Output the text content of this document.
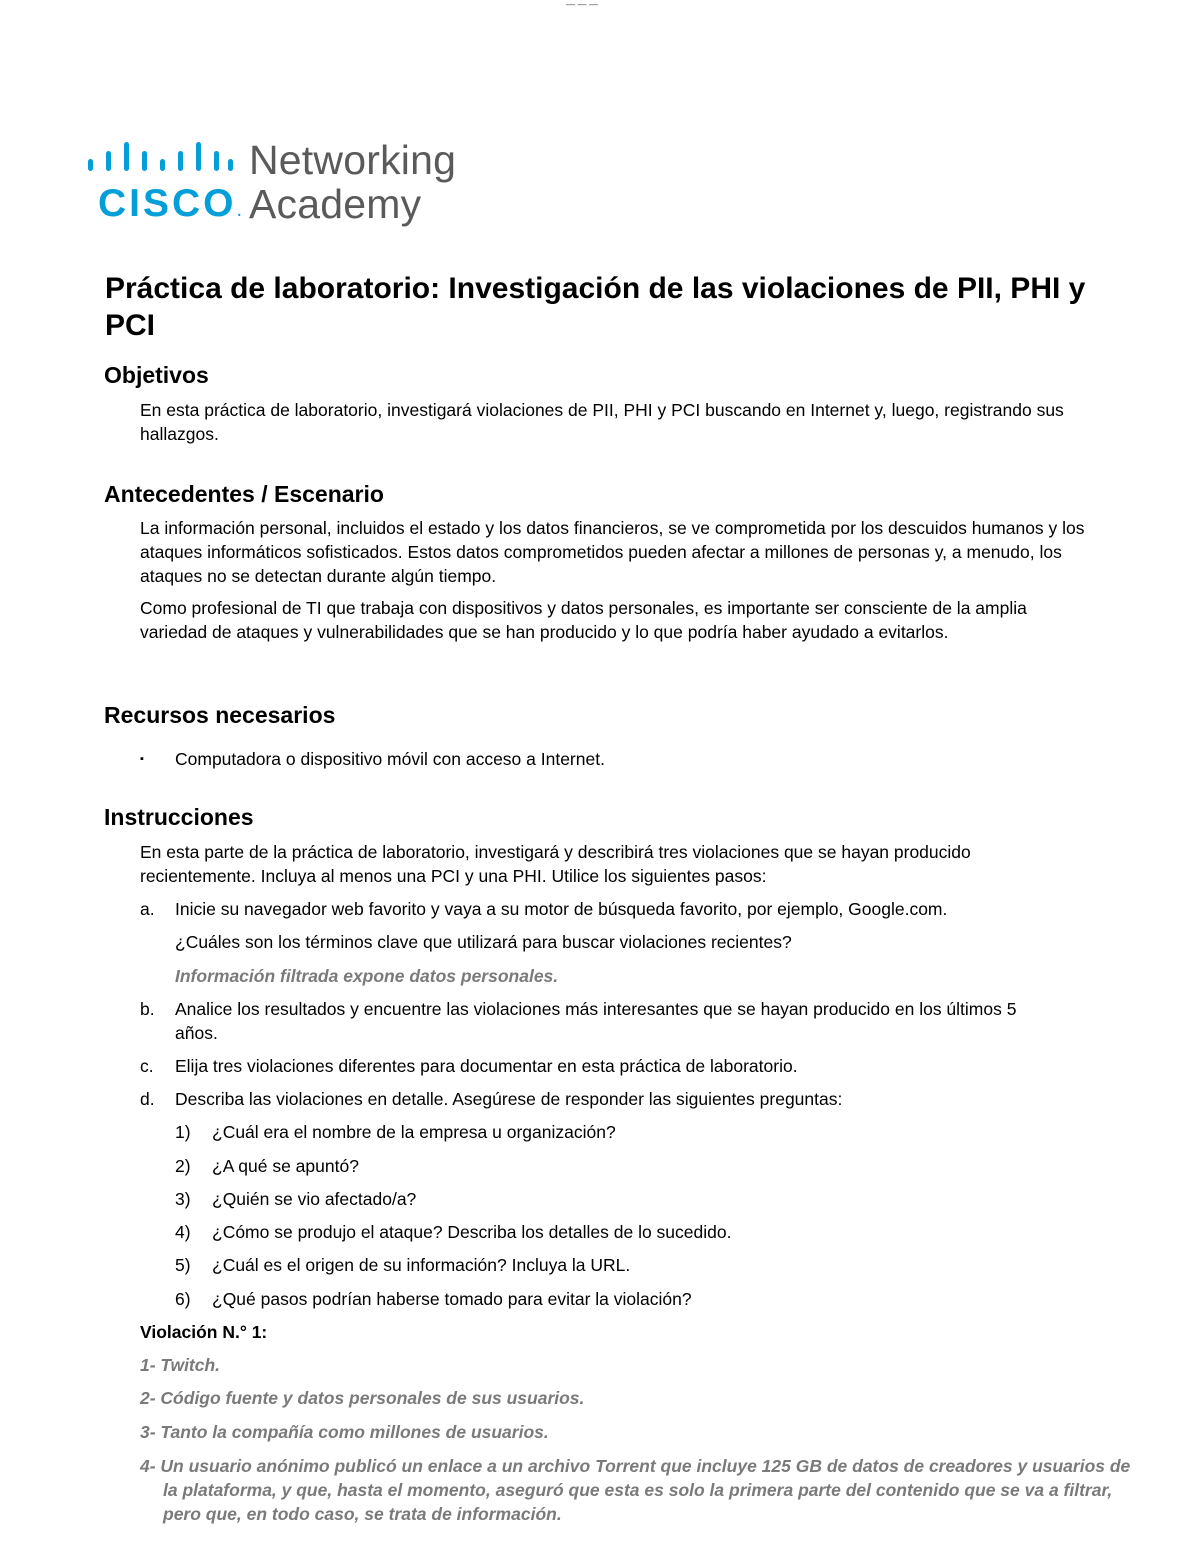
— — —
CISCO.
Networking
Academy
Práctica de laboratorio: Investigación de las violaciones de PII, PHI y PCI
Objetivos

En esta práctica de laboratorio, investigará violaciones de PII, PHI y PCI buscando en Internet y, luego, registrando sus hallazgos.

Antecedentes / Escenario

La información personal, incluidos el estado y los datos financieros, se ve comprometida por los descuidos humanos y los ataques informáticos sofisticados. Estos datos comprometidos pueden afectar a millones de personas y, a menudo, los ataques no se detectan durante algún tiempo.

Como profesional de TI que trabaja con dispositivos y datos personales, es importante ser consciente de la amplia variedad de ataques y vulnerabilidades que se han producido y lo que podría haber ayudado a evitarlos.

Recursos necesarios
▪ Computadora o dispositivo móvil con acceso a Internet.

Instrucciones

En esta parte de la práctica de laboratorio, investigará y describirá tres violaciones que se hayan producido recientemente. Incluya al menos una PCI y una PHI. Utilice los siguientes pasos:

a. Inicie su navegador web favorito y vaya a su motor de búsqueda favorito, por ejemplo, Google.com.

¿Cuáles son los términos clave que utilizará para buscar violaciones recientes?

Información filtrada expone datos personales.

b. Analice los resultados y encuentre las violaciones más interesantes que se hayan producido en los últimos 5 años.

c. Elija tres violaciones diferentes para documentar en esta práctica de laboratorio.

d. Describa las violaciones en detalle. Asegúrese de responder las siguientes preguntas:

1) ¿Cuál era el nombre de la empresa u organización?
2) ¿A qué se apuntó?
3) ¿Quién se vio afectado/a?
4) ¿Cómo se produjo el ataque? Describa los detalles de lo sucedido.
5) ¿Cuál es el origen de su información? Incluya la URL.
6) ¿Qué pasos podrían haberse tomado para evitar la violación?
Violación N.° 1:
1- Twitch.
2- Código fuente y datos personales de sus usuarios.
3- Tanto la compañía como millones de usuarios.
4- Un usuario anónimo publicó un enlace a un archivo Torrent que incluye 125 GB de datos de creadores y usuarios de la plataforma, y que, hasta el momento, aseguró que esta es solo la primera parte del contenido que se va a filtrar, pero que, en todo caso, se trata de información.
